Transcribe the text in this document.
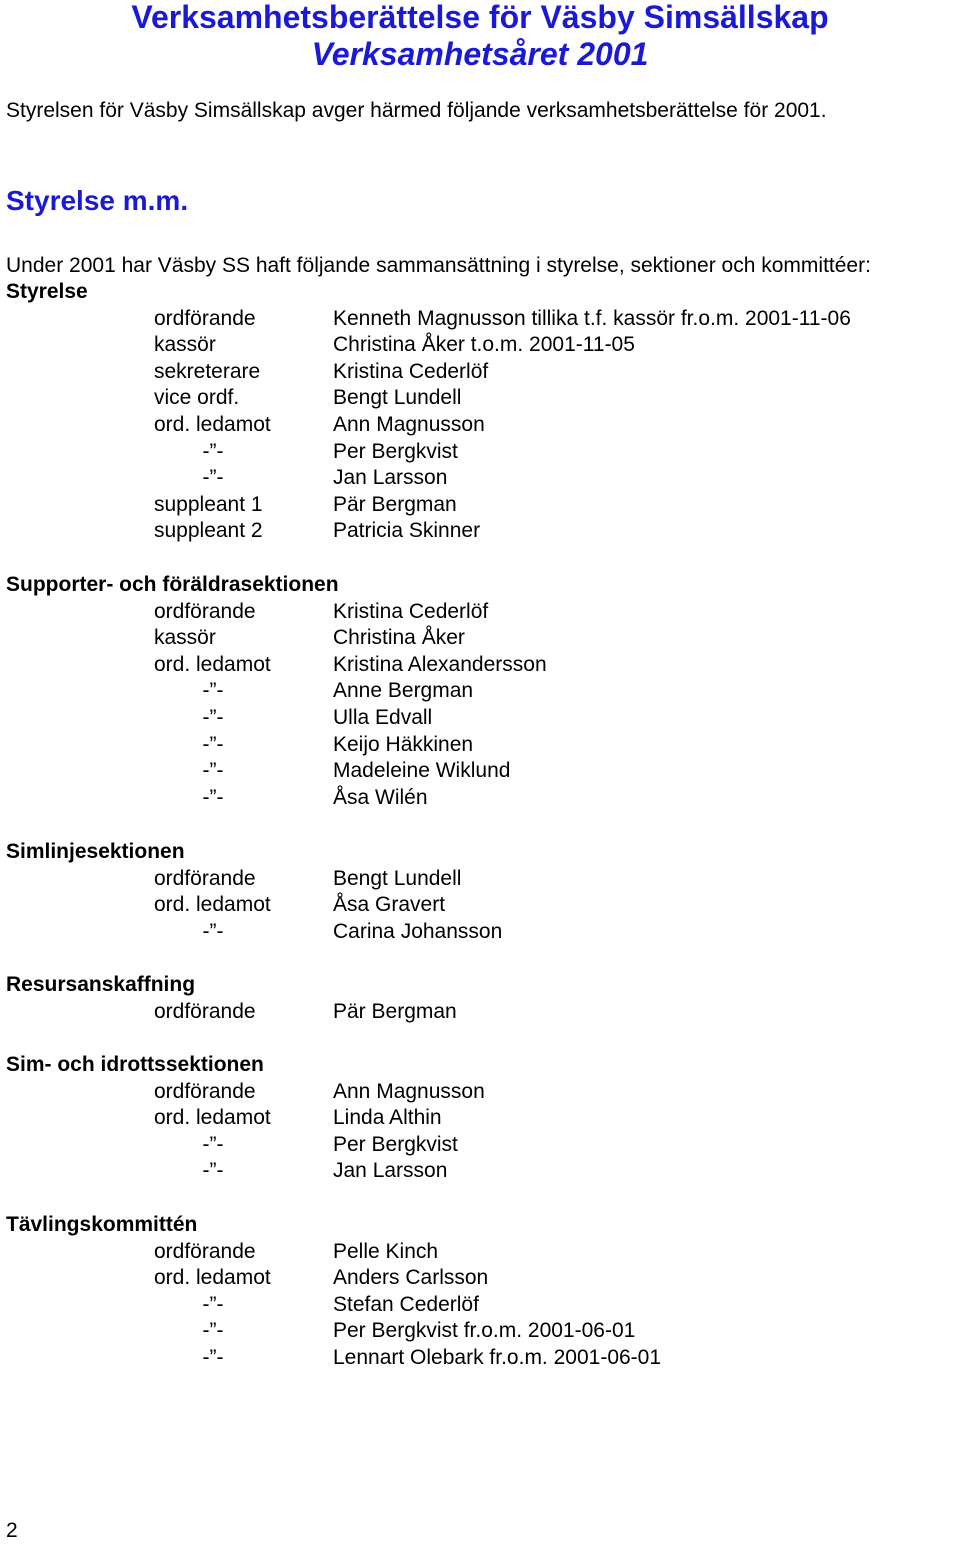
Verksamhetsberättelse för Väsby Simsällskap
Verksamhetsåret 2001

Styrelsen för Väsby Simsällskap avger härmed följande verksamhetsberättelse för 2001.

Styrelse m.m.

Under 2001 har Väsby SS haft följande sammansättning i styrelse, sektioner och kommittéer:

Styrelse
ordförande	Kenneth Magnusson tillika t.f. kassör fr.o.m. 2001-11-06
kassör	Christina Åker t.o.m. 2001-11-05
sekreterare	Kristina Cederlöf
vice ordf.	Bengt Lundell
ord. ledamot	Ann Magnusson
-”-	Per Bergkvist
-”-	Jan Larsson
suppleant 1	Pär Bergman
suppleant 2	Patricia Skinner
Supporter- och föräldrasektionen
ordförande	Kristina Cederlöf
kassör	Christina Åker
ord. ledamot	Kristina Alexandersson
-”-	Anne Bergman
-”-	Ulla Edvall
-”-	Keijo Häkkinen
-”-	Madeleine Wiklund
-”-	Åsa Wilén
Simlinjesektionen
ordförande	Bengt Lundell
ord. ledamot	Åsa Gravert
-”-	Carina Johansson
Resursanskaffning
ordförande	Pär Bergman
Sim- och idrottssektionen
ordförande	Ann Magnusson
ord. ledamot	Linda Althin
-”-	Per Bergkvist
-”-	Jan Larsson
Tävlingskommittén
ordförande	Pelle Kinch
ord. ledamot	Anders Carlsson
-”-	Stefan Cederlöf
-”-	Per Bergkvist fr.o.m. 2001-06-01
-”-	Lennart Olebark fr.o.m. 2001-06-01

2
